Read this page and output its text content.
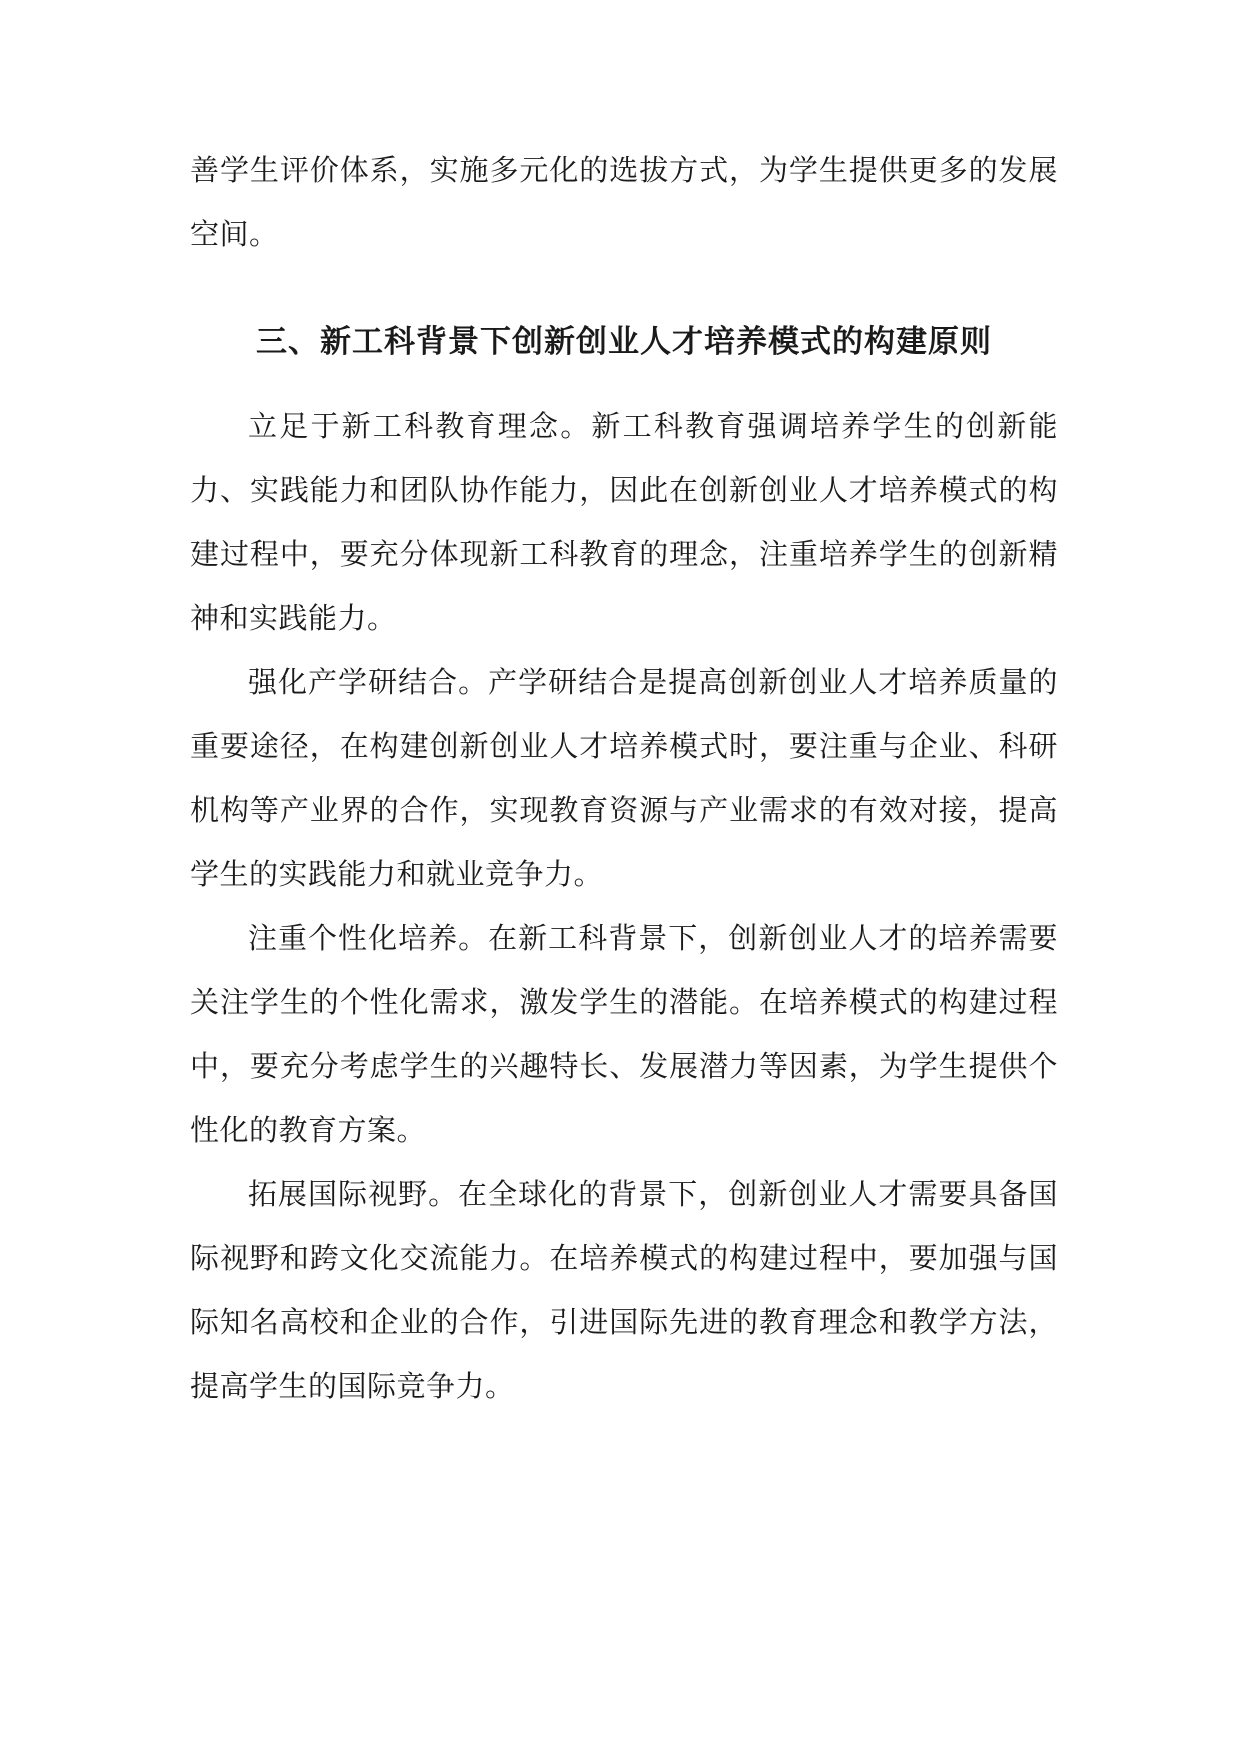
善学生评价体系，实施多元化的选拔方式，为学生提供更多的发展空间。

三、新工科背景下创新创业人才培养模式的构建原则

立足于新工科教育理念。新工科教育强调培养学生的创新能力、实践能力和团队协作能力，因此在创新创业人才培养模式的构建过程中，要充分体现新工科教育的理念，注重培养学生的创新精神和实践能力。

强化产学研结合。产学研结合是提高创新创业人才培养质量的重要途径，在构建创新创业人才培养模式时，要注重与企业、科研机构等产业界的合作，实现教育资源与产业需求的有效对接，提高学生的实践能力和就业竞争力。

注重个性化培养。在新工科背景下，创新创业人才的培养需要关注学生的个性化需求，激发学生的潜能。在培养模式的构建过程中，要充分考虑学生的兴趣特长、发展潜力等因素，为学生提供个性化的教育方案。

拓展国际视野。在全球化的背景下，创新创业人才需要具备国际视野和跨文化交流能力。在培养模式的构建过程中，要加强与国际知名高校和企业的合作，引进国际先进的教育理念和教学方法，提高学生的国际竞争力。
